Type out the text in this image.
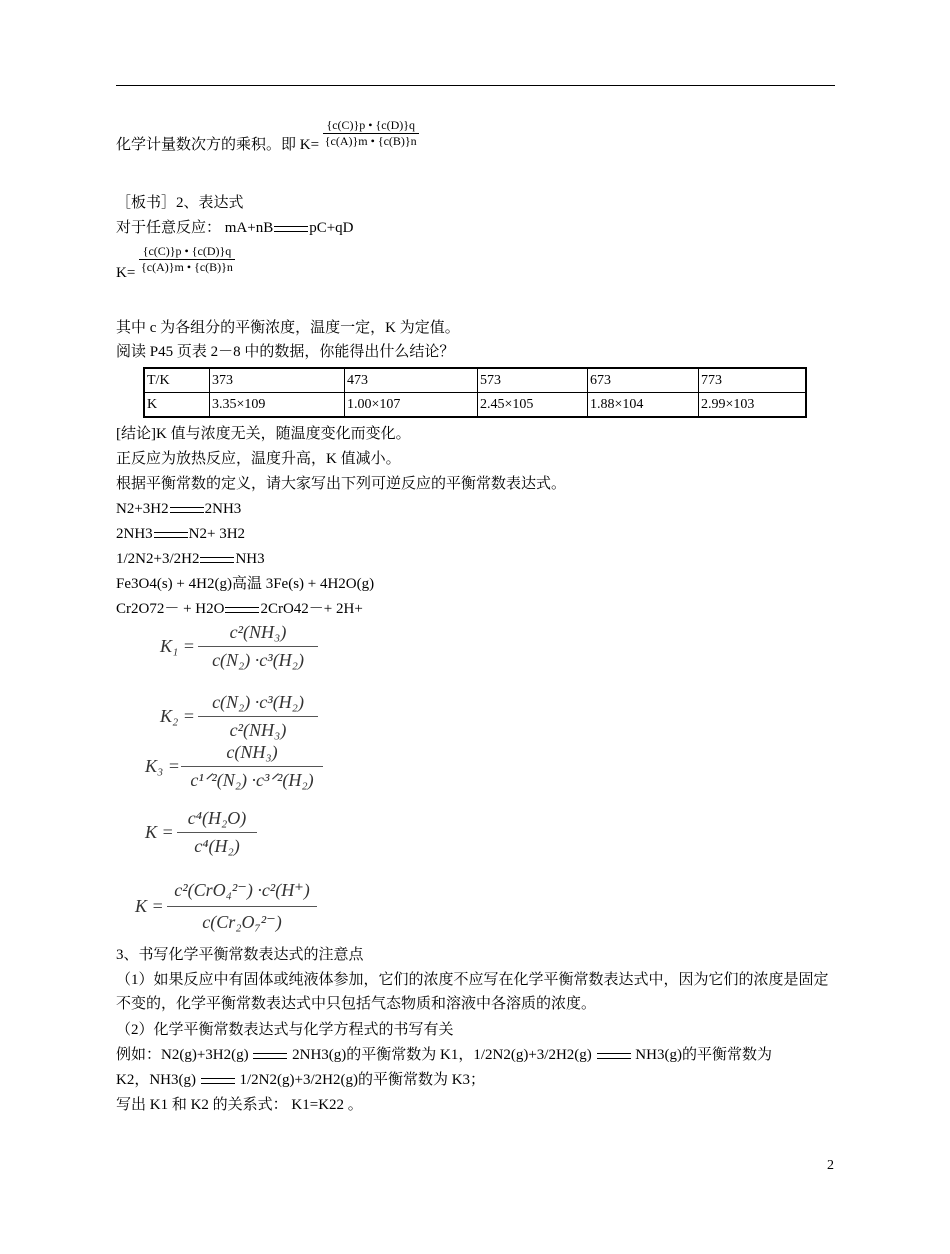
化学计量数次方的乘积。即 $K= \frac{\{c(C)\}p • \{c(D)\}q}{\{c(A)\}m • \{c(B)\}n}$
［板书］2、表达式
对于任意反应： mA+nB pC+qD
$K= \frac{\{c(C)\}p • \{c(D)\}q}{\{c(A)\}m • \{c(B)\}n}$
其中 c 为各组分的平衡浓度，温度一定，K 为定值。
阅读 P45 页表 2－8 中的数据，你能得出什么结论？
T/K	373	473	573	673	773
K	3.35×109	1.00×107	2.45×105	1.88×104	2.99×103
[结论]K 值与浓度无关，随温度变化而变化。
正反应为放热反应，温度升高，K 值减小。
根据平衡常数的定义，请大家写出下列可逆反应的平衡常数表达式。
N2+3H2 2NH3
2NH3 N2+ 3H2
1/2N2+3/2H2 NH3
Fe3O4(s) + 4H2(g)高温 3Fe(s) + 4H2O(g)
Cr2O72－ + H2O 2CrO42－+ 2H+
K₁ =
c²(NH₃)
c(N₂) ·c³(H₂)
K₂ =
c(N₂) ·c³(H₂)
c²(NH₃)
K₃ =
c(NH₃)
c¹ᐟ²(N₂) ·c³ᐟ²(H₂)
K =
c⁴(H₂O)
c⁴(H₂)
K =
c²(CrO₄²⁻) ·c²(H⁺)
c(Cr₂O₇²⁻)
3、书写化学平衡常数表达式的注意点
（1）如果反应中有固体或纯液体参加，它们的浓度不应写在化学平衡常数表达式中，因为它们的浓度是固定不变的，化学平衡常数表达式中只包括气态物质和溶液中各溶质的浓度。
（2）化学平衡常数表达式与化学方程式的书写有关
例如：N2(g)+3H2(g)	2NH3(g)的平衡常数为 K1，1/2N2(g)+3/2H2(g)	NH3(g)的平衡常数为
K2，NH3(g)	1/2N2(g)+3/2H2(g)的平衡常数为 K3；
写出 K1 和 K2 的关系式： K1=K22 。
2
